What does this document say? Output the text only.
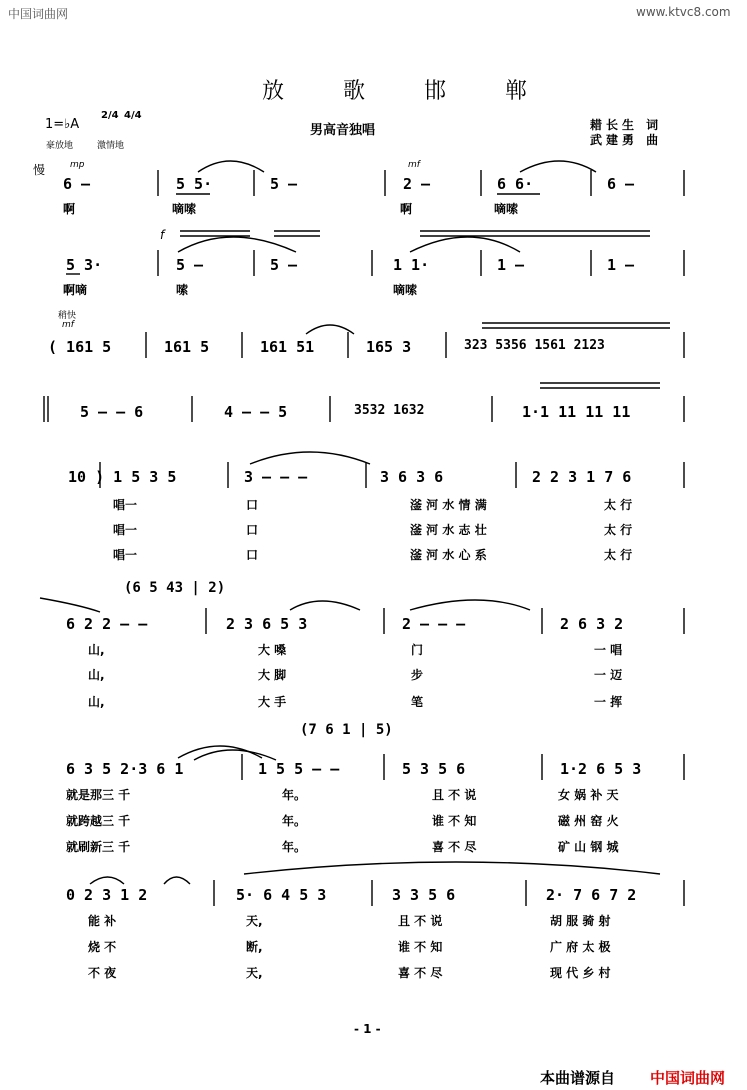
中国词曲网	www.ktvc8.com
放 歌 邯 郸
男高音独唱	耤长生 词
武建勇 曲
1=♭A
2/4 4/4
豪放地	激情地
慢
稍快
mp	mf
f
mf
6 –	5 5·	5 –	2 –	6 6·	6 –
啊	嘀嗦	啊	嘀嗦
5 3·	5 –	5 –	1 1·	1 –	1 –
啊嘀	嗦	嘀嗦
( 161 5	161 5	161 51	165 3	323 5356 1561 2123
5 – – 6	4 – – 5	3532 1632	1·1 11 11 11
10 ) 1 5 3 5	3 – – –	3 6 3 6	2 2 3 1 7 6
唱一	口	滏 河 水 情 满	太 行
唱一	口	滏 河 水 志 壮	太 行
唱一	口	滏 河 水 心 系	太 行
(6 5 43 | 2)
6 2 2 – –	2 3 6 5 3	2 – – –	2 6 3 2
山,	大 嗓	门	一 唱
山,	大 脚	步	一 迈
山,	大 手	笔	一 挥
(7 6 1 | 5)
6 3 5 2·3 6 1	1 5 5 – –	5 3 5 6	1·2 6 5 3
就是那三 千	年。	且 不 说	女 娲 补 天
就跨越三 千	年。	谁 不 知	磁 州 窑 火
就刷新三 千	年。	喜 不 尽	矿 山 钢 城
0 2 3 1 2	5· 6 4 5 3	3 3 5 6	2· 7 6 7 2
能 补	天,	且 不 说	胡 服 骑 射
烧 不	断,	谁 不 知	广 府 太 极
不 夜	天,	喜 不 尽	现 代 乡 村
- 1 -
本曲谱源自 中国词曲网
